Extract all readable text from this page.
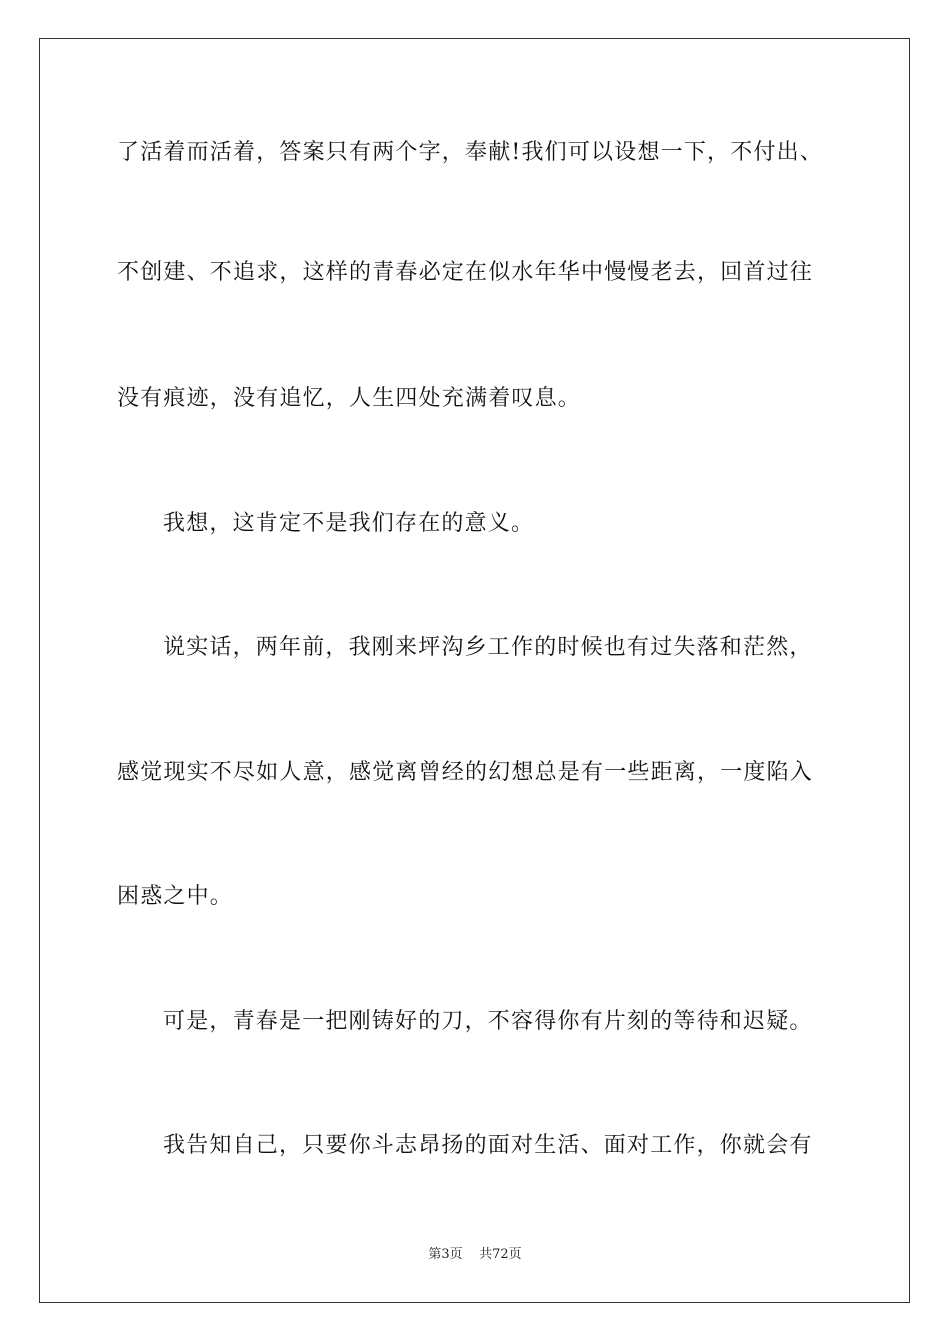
了活着而活着，答案只有两个字，奉献!我们可以设想一下，不付出、
不创建、不追求，这样的青春必定在似水年华中慢慢老去，回首过往
没有痕迹，没有追忆，人生四处充满着叹息。
我想，这肯定不是我们存在的意义。
说实话，两年前，我刚来坪沟乡工作的时候也有过失落和茫然，
感觉现实不尽如人意，感觉离曾经的幻想总是有一些距离，一度陷入
困惑之中。
可是，青春是一把刚铸好的刀，不容得你有片刻的等待和迟疑。
我告知自己，只要你斗志昂扬的面对生活、面对工作，你就会有
第3页 共72页
